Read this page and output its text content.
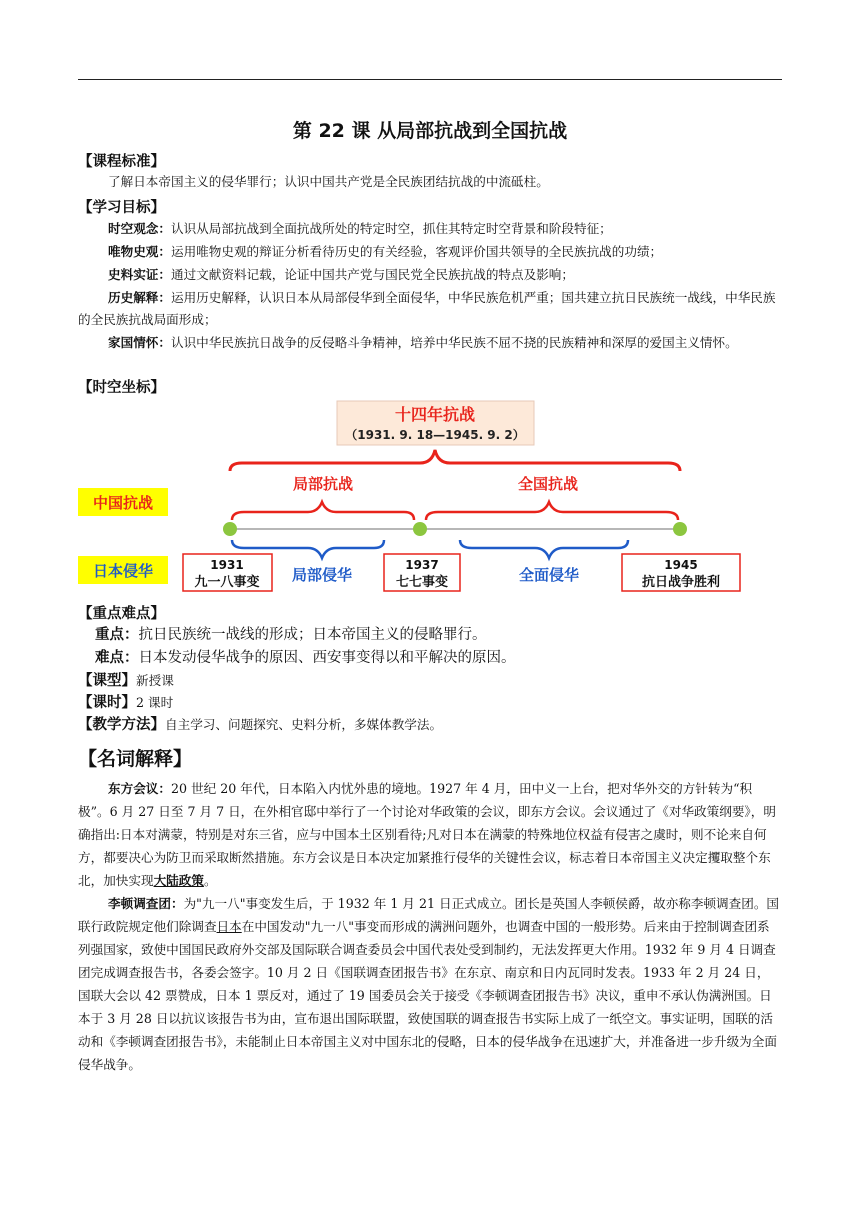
第 22 课 从局部抗战到全国抗战
【课程标准】
了解日本帝国主义的侵华罪行；认识中国共产党是全民族团结抗战的中流砥柱。
【学习目标】
时空观念：认识从局部抗战到全面抗战所处的特定时空，抓住其特定时空背景和阶段特征；
唯物史观：运用唯物史观的辩证分析看待历史的有关经验，客观评价国共领导的全民族抗战的功绩；
史料实证：通过文献资料记载，论证中国共产党与国民党全民族抗战的特点及影响；
历史解释：运用历史解释，认识日本从局部侵华到全面侵华，中华民族危机严重；国共建立抗日民族统一战线，中华民族的全民族抗战局面形成；
家国情怀：认识中华民族抗日战争的反侵略斗争精神，培养中华民族不屈不挠的民族精神和深厚的爱国主义情怀。
【时空坐标】
十四年抗战
（1931. 9. 18—1945. 9. 2）
局部抗战	全国抗战
中国抗战
日本侵华	局部侵华	全面侵华
1931
九一八事变
1937
七七事变
1945
抗日战争胜利
【重点难点】
重点：抗日民族统一战线的形成；日本帝国主义的侵略罪行。
难点：日本发动侵华战争的原因、西安事变得以和平解决的原因。
【课型】新授课
【课时】2 课时
【教学方法】自主学习、问题探究、史料分析，多媒体教学法。
【名词解释】
东方会议：20 世纪 20 年代，日本陷入内忧外患的境地。1927 年 4 月，田中义一上台，把对华外交的方针转为“积极”。6 月 27 日至 7 月 7 日，在外相官邸中举行了一个讨论对华政策的会议，即东方会议。会议通过了《对华政策纲要》，明确指出:日本对满蒙，特别是对东三省，应与中国本土区别看待;凡对日本在满蒙的特殊地位权益有侵害之虞时，则不论来自何方，都要决心为防卫而采取断然措施。东方会议是日本决定加紧推行侵华的关键性会议，标志着日本帝国主义决定攫取整个东北，加快实现大陆政策。
李顿调查团：为"九一八"事变发生后，于 1932 年 1 月 21 日正式成立。团长是英国人李顿侯爵，故亦称李顿调查团。国联行政院规定他们除调查日本在中国发动"九一八"事变而形成的满洲问题外，也调查中国的一般形势。后来由于控制调查团系列强国家，致使中国国民政府外交部及国际联合调查委员会中国代表处受到制约，无法发挥更大作用。1932 年 9 月 4 日调查团完成调查报告书，各委会签字。10 月 2 日《国联调查团报告书》在东京、南京和日内瓦同时发表。1933 年 2 月 24 日，国联大会以 42 票赞成，日本 1 票反对，通过了 19 国委员会关于接受《李顿调查团报告书》决议，重申不承认伪满洲国。日本于 3 月 28 日以抗议该报告书为由，宣布退出国际联盟，致使国联的调查报告书实际上成了一纸空文。事实证明，国联的活动和《李顿调查团报告书》，未能制止日本帝国主义对中国东北的侵略，日本的侵华战争在迅速扩大，并准备进一步升级为全面侵华战争。
